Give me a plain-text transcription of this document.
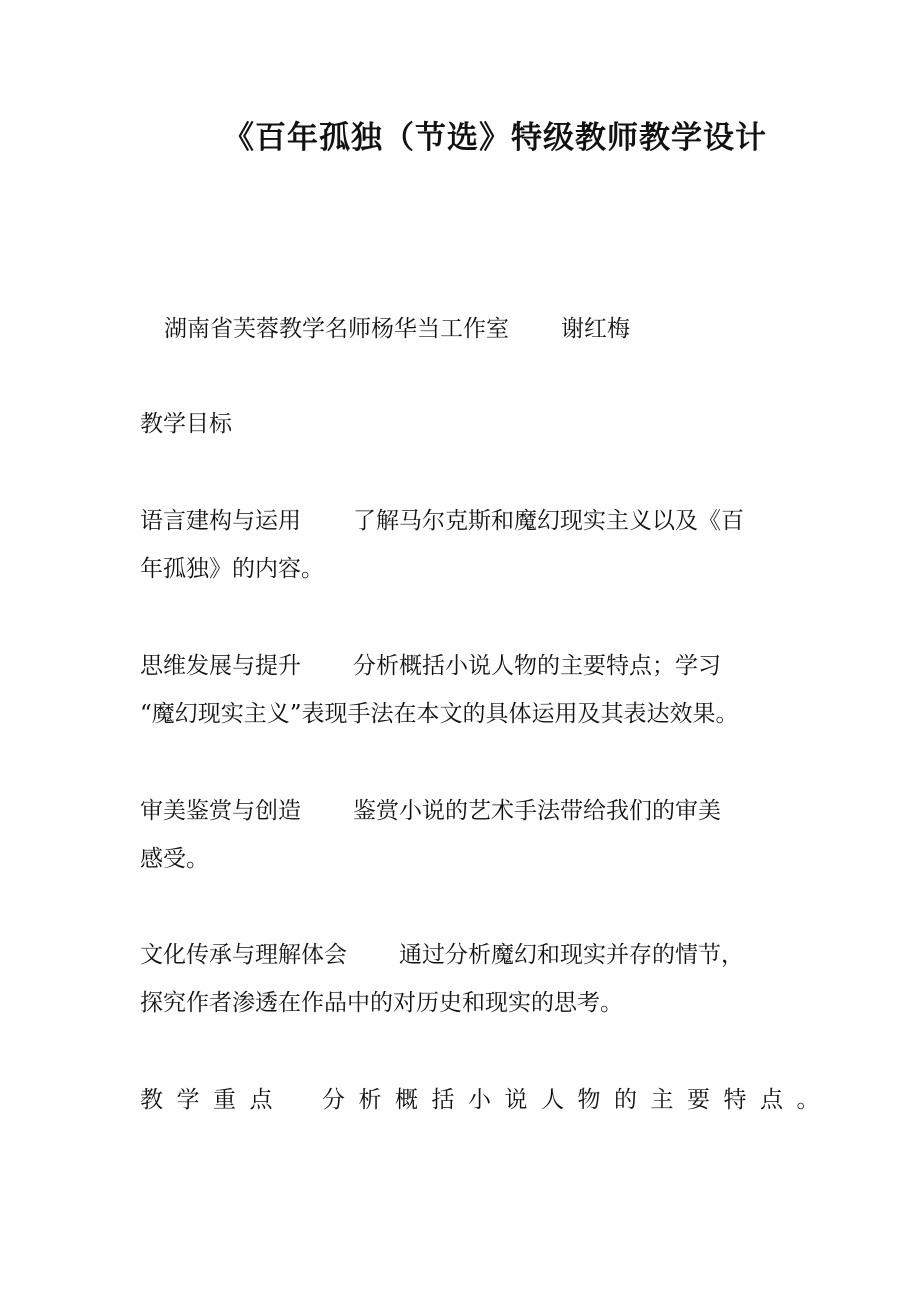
《百年孤独（节选》特级教师教学设计
湖南省芙蓉教学名师杨华当工作室 谢红梅
教学目标
语言建构与运用 了解马尔克斯和魔幻现实主义以及《百
年孤独》的内容。
思维发展与提升 分析概括小说人物的主要特点；学习
“魔幻现实主义”表现手法在本文的具体运用及其表达效果。
审美鉴赏与创造 鉴赏小说的艺术手法带给我们的审美
感受。
文化传承与理解体会 通过分析魔幻和现实并存的情节，
探究作者渗透在作品中的对历史和现实的思考。
教学重点 分析概括小说人物的主要特点。
